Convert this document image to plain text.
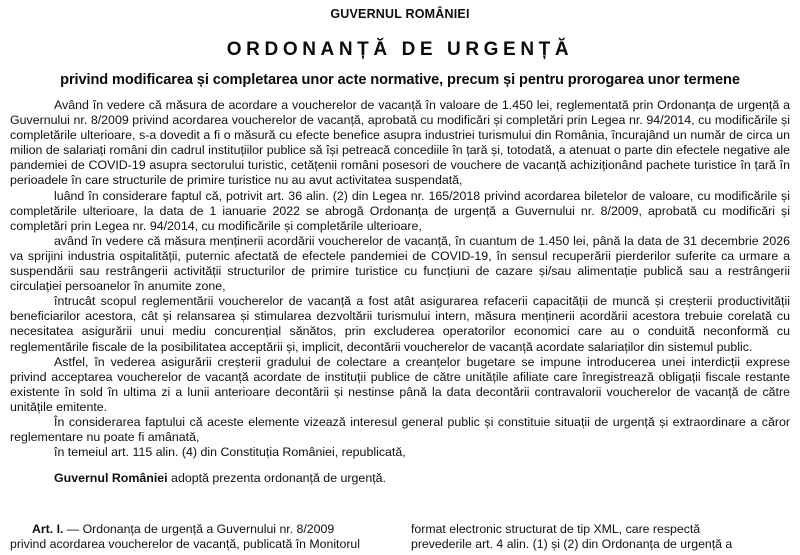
GUVERNUL ROMÂNIEI
ORDONANȚĂ DE URGENȚĂ
privind modificarea și completarea unor acte normative, precum și pentru prorogarea unor termene

Având în vedere că măsura de acordare a voucherelor de vacanță în valoare de 1.450 lei, reglementată prin Ordonanța de urgență a Guvernului nr. 8/2009 privind acordarea voucherelor de vacanță, aprobată cu modificări și completări prin Legea nr. 94/2014, cu modificările și completările ulterioare, s-a dovedit a fi o măsură cu efecte benefice asupra industriei turismului din România, încurajând un număr de circa un milion de salariați români din cadrul instituțiilor publice să își petreacă concediile în țară și, totodată, a atenuat o parte din efectele negative ale pandemiei de COVID-19 asupra sectorului turistic, cetățenii români posesori de vouchere de vacanță achiziționând pachete turistice în țară în perioadele în care structurile de primire turistice nu au avut activitatea suspendată,

luând în considerare faptul că, potrivit art. 36 alin. (2) din Legea nr. 165/2018 privind acordarea biletelor de valoare, cu modificările și completările ulterioare, la data de 1 ianuarie 2022 se abrogă Ordonanța de urgență a Guvernului nr. 8/2009, aprobată cu modificări și completări prin Legea nr. 94/2014, cu modificările și completările ulterioare,

având în vedere că măsura menținerii acordării voucherelor de vacanță, în cuantum de 1.450 lei, până la data de 31 decembrie 2026 va sprijini industria ospitalității, puternic afectată de efectele pandemiei de COVID-19, în sensul recuperării pierderilor suferite ca urmare a suspendării sau restrângerii activității structurilor de primire turistice cu funcțiuni de cazare și/sau alimentație publică sau a restrângerii circulației persoanelor în anumite zone,

întrucât scopul reglementării voucherelor de vacanță a fost atât asigurarea refacerii capacității de muncă și creșterii productivității beneficiarilor acestora, cât și relansarea și stimularea dezvoltării turismului intern, măsura menținerii acordării acestora trebuie corelată cu necesitatea asigurării unui mediu concurențial sănătos, prin excluderea operatorilor economici care au o conduită neconformă cu reglementările fiscale de la posibilitatea acceptării și, implicit, decontării voucherelor de vacanță acordate salariaților din sistemul public.

Astfel, în vederea asigurării creșterii gradului de colectare a creanțelor bugetare se impune introducerea unei interdicții exprese privind acceptarea voucherelor de vacanță acordate de instituții publice de către unitățile afiliate care înregistrează obligații fiscale restante existente în sold în ultima zi a lunii anterioare decontării și nestinse până la data decontării contravalorii voucherelor de vacanță de către unitățile emitente.

În considerarea faptului că aceste elemente vizează interesul general public și constituie situații de urgență și extraordinare a căror reglementare nu poate fi amânată,

în temeiul art. 115 alin. (4) din Constituția României, republicată,

Guvernul României adoptă prezenta ordonanță de urgență.

Art. I. — Ordonanța de urgență a Guvernului nr. 8/2009

privind acordarea voucherelor de vacanță, publicată în Monitorul

format electronic structurat de tip XML, care respectă

prevederile art. 4 alin. (1) și (2) din Ordonanța de urgență a
